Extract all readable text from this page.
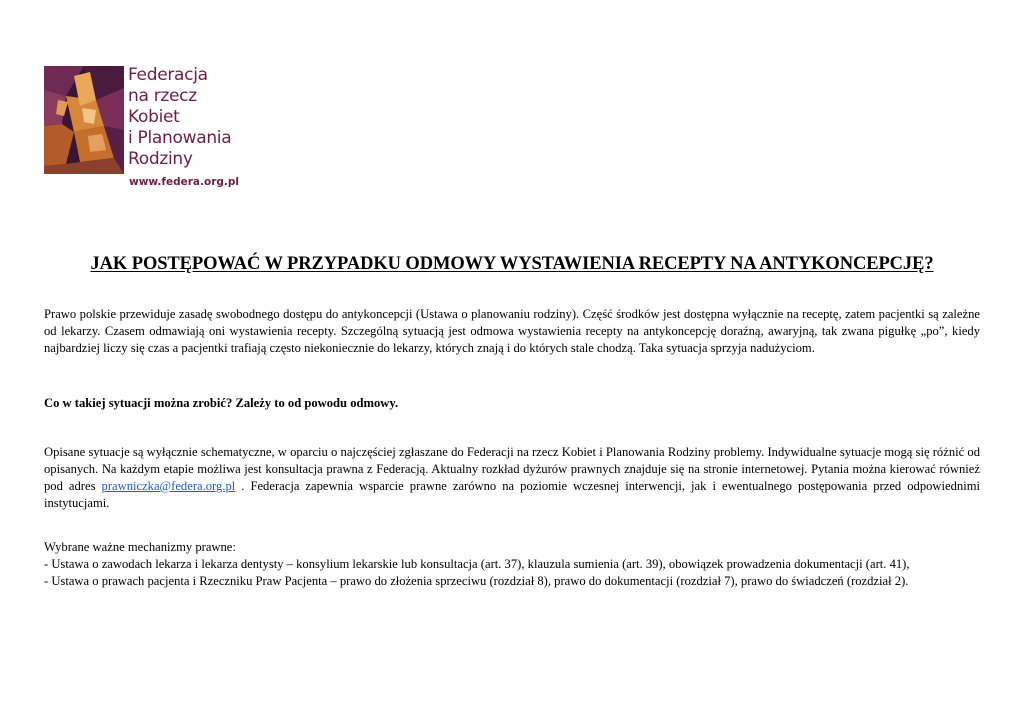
Federacja
na rzecz
Kobiet
i Planowania
Rodziny
www.federa.org.pl
JAK POSTĘPOWAĆ W PRZYPADKU ODMOWY WYSTAWIENIA RECEPTY NA ANTYKONCEPCJĘ?
Prawo polskie przewiduje zasadę swobodnego dostępu do antykoncepcji (Ustawa o planowaniu rodziny). Część środków jest dostępna wyłącznie na receptę, zatem pacjentki są zależne od lekarzy. Czasem odmawiają oni wystawienia recepty. Szczególną sytuacją jest odmowa wystawienia recepty na antykoncepcję doraźną, awaryjną, tak zwana pigułkę „po”, kiedy najbardziej liczy się czas a pacjentki trafiają często niekoniecznie do lekarzy, których znają i do których stale chodzą. Taka sytuacja sprzyja nadużyciom.
Co w takiej sytuacji można zrobić? Zależy to od powodu odmowy.
Opisane sytuacje są wyłącznie schematyczne, w oparciu o najczęściej zgłaszane do Federacji na rzecz Kobiet i Planowania Rodziny problemy. Indywidualne sytuacje mogą się różnić od opisanych. Na każdym etapie możliwa jest konsultacja prawna z Federacją. Aktualny rozkład dyżurów prawnych znajduje się na stronie internetowej. Pytania można kierować również pod adres prawniczka@federa.org.pl . Federacja zapewnia wsparcie prawne zarówno na poziomie wczesnej interwencji, jak i ewentualnego postępowania przed odpowiednimi instytucjami.
Wybrane ważne mechanizmy prawne:
- Ustawa o zawodach lekarza i lekarza dentysty – konsylium lekarskie lub konsultacja (art. 37), klauzula sumienia (art. 39), obowiązek prowadzenia dokumentacji (art. 41),
- Ustawa o prawach pacjenta i Rzeczniku Praw Pacjenta – prawo do złożenia sprzeciwu (rozdział 8), prawo do dokumentacji (rozdział 7), prawo do świadczeń (rozdział 2).
